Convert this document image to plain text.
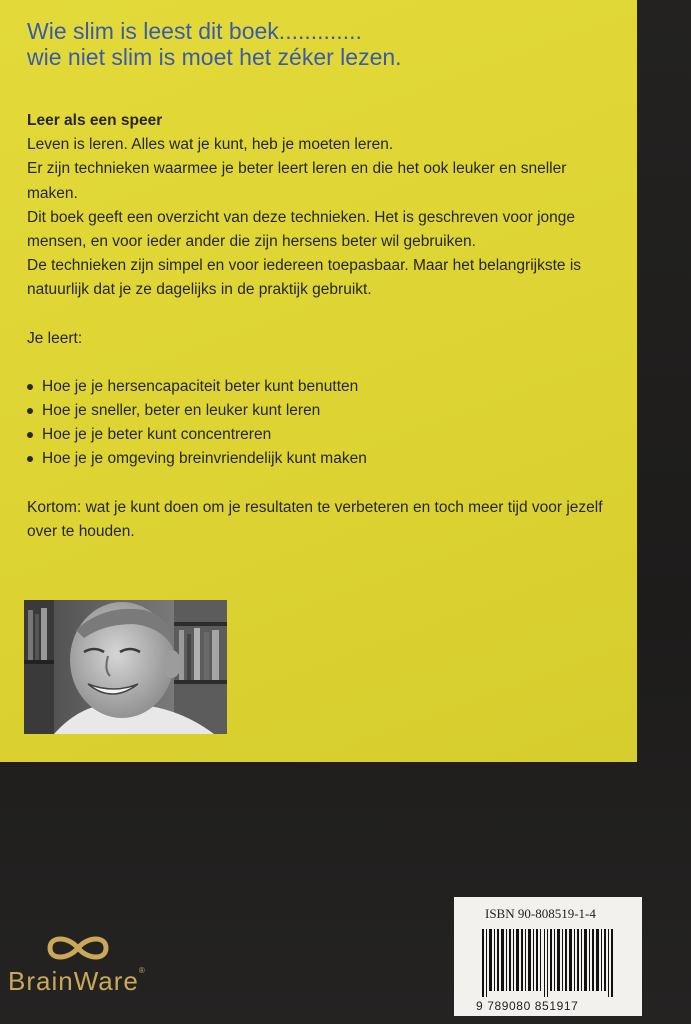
Wie slim is leest dit boek.............
wie niet slim is moet het zéker lezen.
Leer als een speer
Leven is leren. Alles wat je kunt, heb je moeten leren.
Er zijn technieken waarmee je beter leert leren en die het ook leuker en sneller maken.
Dit boek geeft een overzicht van deze technieken. Het is geschreven voor jonge mensen, en voor ieder ander die zijn hersens beter wil gebruiken.
De technieken zijn simpel en voor iedereen toepasbaar. Maar het belangrijkste is natuurlijk dat je ze dagelijks in de praktijk gebruikt.
Je leert:
Hoe je je hersencapaciteit beter kunt benutten
Hoe je sneller, beter en leuker kunt leren
Hoe je je beter kunt concentreren
Hoe je je omgeving breinvriendelijk kunt maken
Kortom: wat je kunt doen om je resultaten te verbeteren en toch meer tijd voor jezelf over te houden.
BrainWare®
ISBN 90-808519-1-4
9 789080 851917
